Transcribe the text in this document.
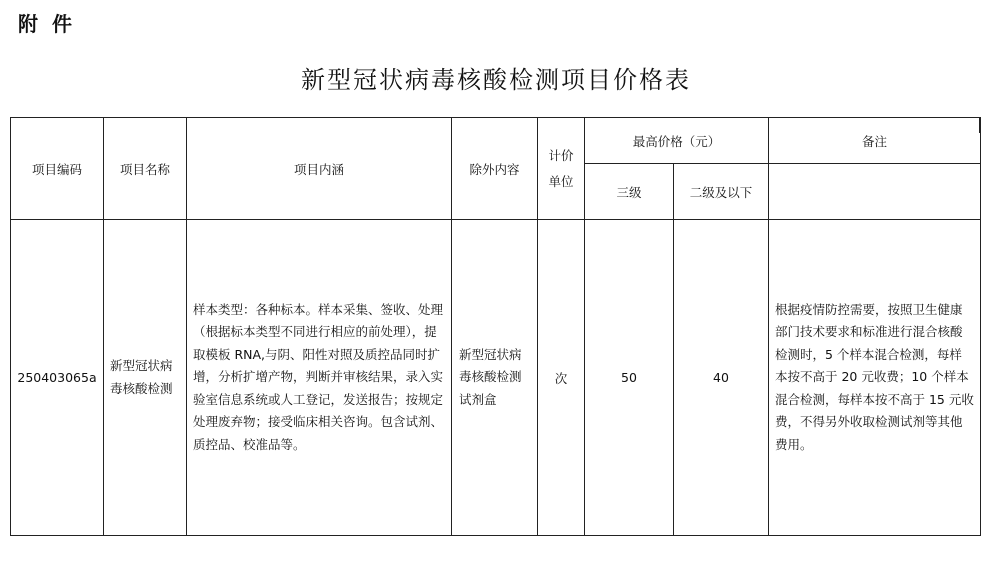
附件
新型冠状病毒核酸检测项目价格表
项目编码	项目名称	项目内涵	除外内容	计价单位	最高价格（元）		备注
					三级	二级及以下	
250403065a	新型冠状病毒核酸检测	样本类型：各种标本。样本采集、签收、处理（根据标本类型不同进行相应的前处理），提取模板 RNA,与阴、阳性对照及质控品同时扩增，分析扩增产物，判断并审核结果，录入实验室信息系统或人工登记，发送报告；按规定处理废弃物；接受临床相关咨询。包含试剂、质控品、校准品等。	新型冠状病毒核酸检测试剂盒	次	50	40	根据疫情防控需要，按照卫生健康部门技术要求和标准进行混合核酸检测时，5 个样本混合检测，每样本按不高于 20 元收费；10 个样本混合检测，每样本按不高于 15 元收费，不得另外收取检测试剂等其他费用。
